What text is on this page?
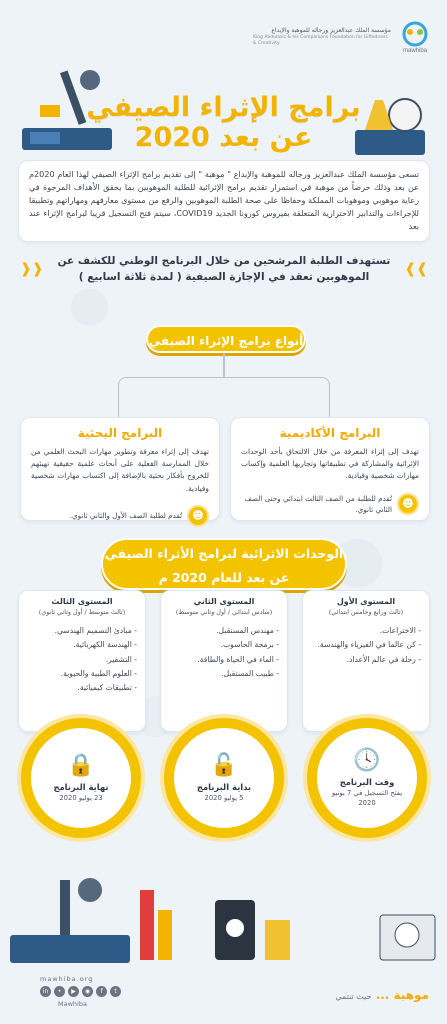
mawhiba
مؤسسة الملك عبدالعزيز ورجاله للموهبة والإبداع
King Abdulaziz & his Companions Foundation for Giftedness & Creativity
برامج الإثراء الصيفي
عن بعد 2020

تسعى مؤسسة الملك عبدالعزيز ورجاله للموهبة والإبداع " موهبة " إلى تقديم برامج الإثراء الصيفي لهذا العام 2020م عن بعد وذلك حرصاً من موهبة في استمرار تقديم برامج الإثرائية للطلبة الموهوبين بما يحقق الأهداف المرجوة في رعاية موهوبي وموهوبات المملكة وحفاظا على صحة الطلبة الموهوبين والرفع من مستوى معارفهم ومهاراتهم وتطبيقا للإجراءات والتدابير الاحترازية المتعلقة بفيروس كورونا الجديد COVID19، سيتم فتح التسجيل قريبا لبرامج الإثراء عند بعد

❱❱
تستهدف الطلبة المرشحين من خلال البرنامج الوطني للكشف عن الموهوبين تعقد في الإجازة الصيفية ( لمدة ثلاثة اسابيع )
❰❰
أنواع برامج الإثراء الصيفي
البرامج الأكاديمية
تهدف إلى إثراء المعرفة من خلال الالتحاق بأحد الوحدات الإثرائية والمشاركة في تطبيقاتها وتجاربها العلمية وإكساب مهارات شخصية وقيادية.
☻
تُقدم للطلبة من الصف الثالث ابتدائي وحتى الصف الثاني ثانوي.
البرامج البحثية
تهدف إلى إثراء معرفة وتطوير مهارات البحث العلمي من خلال الممارسة الفعلية على أبحاث علمية حقيقية تهيئهم للخروج بأفكار بحثية بالإضافة إلى اكتساب مهارات شخصية وقيادية.
☻
تُقدم لطلبة الصف الأول والثاني ثانوي.
الوحدات الاثرائية لبرامج الأثراء الصيفي
عن بعد للعام 2020 م
المستوى الأول
(ثالث ورابع وخامس ابتدائي)
- الاختراعات.
- كن عالما في الفيزياء والهندسة.
- رحلة في عالم الأعداد.
المستوى الثاني
(سادس ابتدائي / أول وثاني متوسط)
- مهندس المستقبل.
- برمجة الحاسوب.
- الماء في الحياة والطاقة.
- طبيب المستقبل.
المستوى الثالث
(ثالث متوسط / أول وثاني ثانوي)
- مبادئ التصميم الهندسي.
- الهندسة الكهربائية.
- التشفير.
- العلوم الطبية والحيوية.
- تطبيقات كيميائية.
🕓
وقت البرنامج
يفتح التسجيل في 7 يونيو
2020
🔓
بداية البرنامج
5 يوليو 2020
🔒
نهاية البرنامج
23 يوليو 2020
mawhiba.org
in	•	▶	◉	f	t
Mawhiba
موهبة ... حيث تنتمي
